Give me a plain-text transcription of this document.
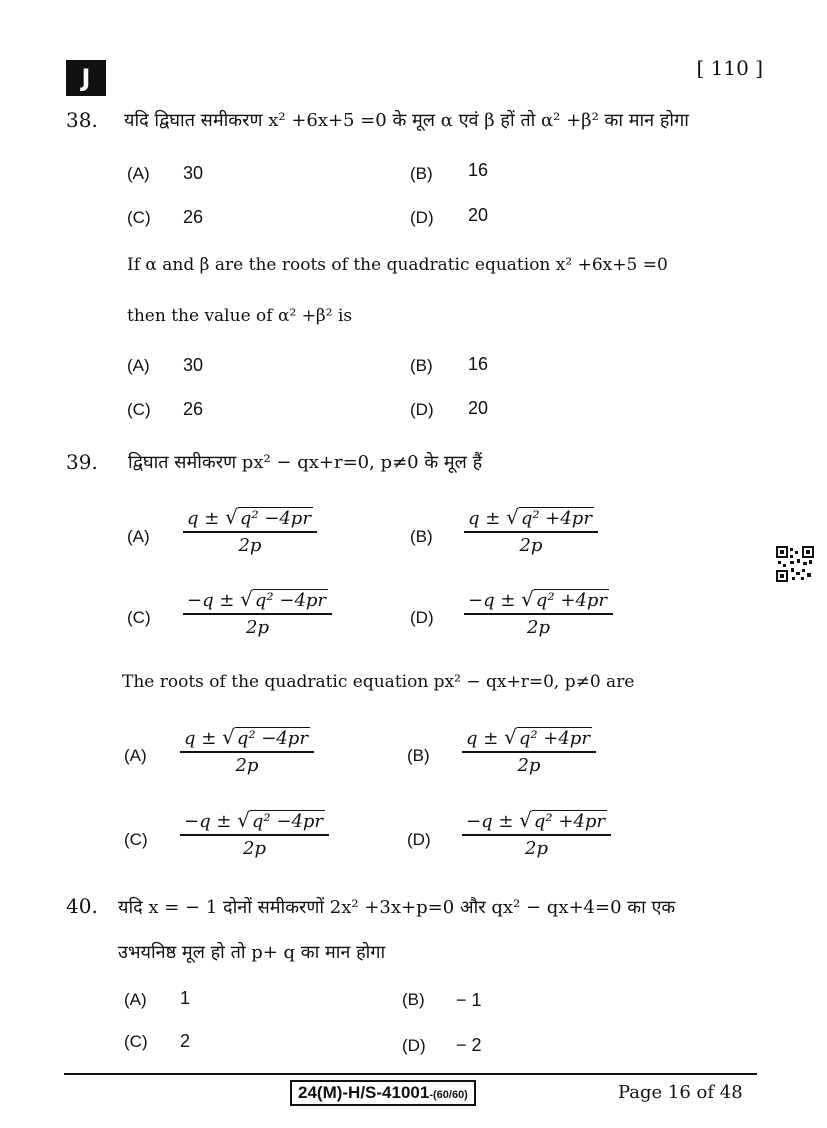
J	[ 110 ]
38. यदि द्विघात समीकरण x² +6x+5 =0 के मूल α एवं β हों तो α² +β² का मान होगा
(A) 30	(B) 16
(C) 26	(D) 20
If α and β are the roots of the quadratic equation x² +6x+5 =0
then the value of α² +β² is
(A) 30	(B) 16
(C) 26	(D) 20
39. द्विघात समीकरण px² − qx+r=0, p≠0 के मूल हैं
$(A) \frac{\text{q ± √ q² −4pr}}{2p}$	$(B) \frac{\text{q ± √ q² +4pr}}{2p}$
$(C) \frac{\text{−q ± √ q² −4pr}}{2p}$	$(D) \frac{\text{−q ± √ q² +4pr}}{2p}$
The roots of the quadratic equation px² − qx+r=0, p≠0 are
$(A) \frac{\text{q ± √ q² −4pr}}{2p}$	$(B) \frac{\text{q ± √ q² +4pr}}{2p}$
$(C) \frac{\text{−q ± √ q² −4pr}}{2p}$	$(D) \frac{\text{−q ± √ q² +4pr}}{2p}$
40. यदि x = − 1 दोनों समीकरणों 2x² +3x+p=0 और qx² − qx+4=0 का एक
उभयनिष्ठ मूल हो तो p+ q का मान होगा
(A) 1	(B) − 1
(C) 2	(D) − 2
24(M)-H/S-41001-(60/60)	Page 16 of 48
